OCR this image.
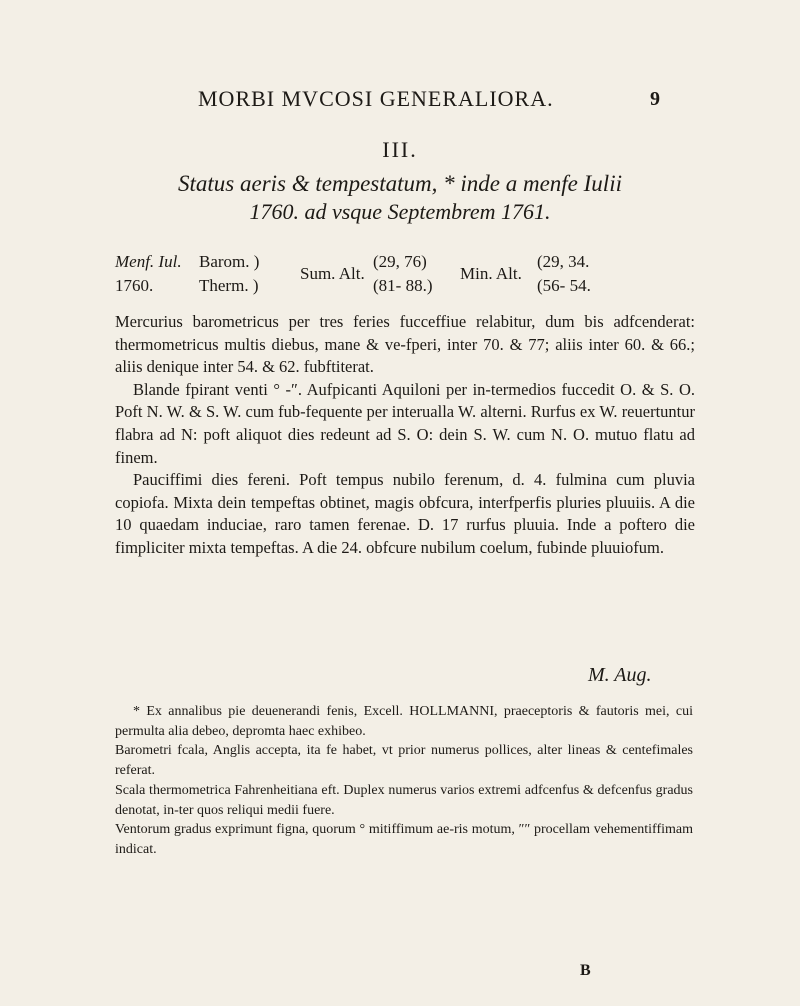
MORBI MVCOSI GENERALIORA.	9
III.
Status aeris & tempestatum, * inde a menfe Iulii
1760. ad vsque Septembrem 1761.
Menf. Iul.
1760.
Barom. )
Therm. )
Sum. Alt.
(29, 76)
(81- 88.)
Min. Alt.
(29, 34.
(56- 54.

Mercurius barometricus per tres feries fucceffiue relabitur, dum bis adfcenderat: thermometricus multis diebus, mane & ve-fperi, inter 70. & 77; aliis inter 60. & 66.; aliis denique inter 54. & 62. fubftiterat.

Blande fpirant venti ° -″. Aufpicanti Aquiloni per in-termedios fuccedit O. & S. O. Poft N. W. & S. W. cum fub-fequente per interualla W. alterni. Rurfus ex W. reuertuntur flabra ad N: poft aliquot dies redeunt ad S. O: dein S. W. cum N. O. mutuo flatu ad finem.

Pauciffimi dies fereni. Poft tempus nubilo ferenum, d. 4. fulmina cum pluvia copiofa. Mixta dein tempeftas obtinet, magis obfcura, interfperfis pluries pluuiis. A die 10 quaedam induciae, raro tamen ferenae. D. 17 rurfus pluuia. Inde a poftero die fimpliciter mixta tempeftas. A die 24. obfcure nubilum coelum, fubinde pluuiofum.

M. Aug.

* Ex annalibus pie deuenerandi fenis, Excell. HOLLMANNI, praeceptoris & fautoris mei, cui permulta alia debeo, depromta haec exhibeo.

Barometri fcala, Anglis accepta, ita fe habet, vt prior numerus pollices, alter lineas & centefimales referat.

Scala thermometrica Fahrenheitiana eft. Duplex numerus varios extremi adfcenfus & defcenfus gradus denotat, in-ter quos reliqui medii fuere.

Ventorum gradus exprimunt figna, quorum ° mitiffimum ae-ris motum, ″″ procellam vehementiffimam indicat.

B
